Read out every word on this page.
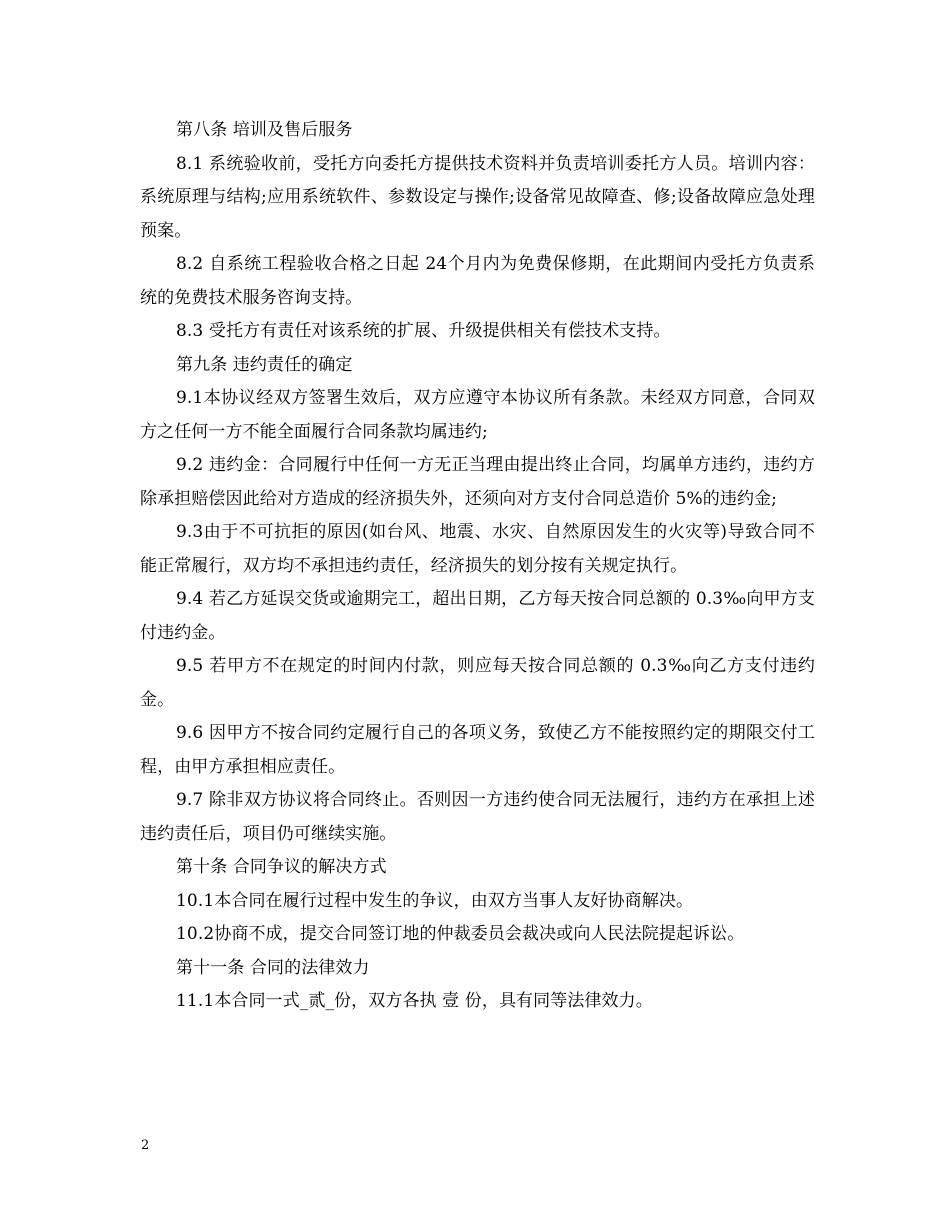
第八条 培训及售后服务

8.1 系统验收前，受托方向委托方提供技术资料并负责培训委托方人员。培训内容：系统原理与结构;应用系统软件、参数设定与操作;设备常见故障查、修;设备故障应急处理预案。

8.2 自系统工程验收合格之日起 24个月内为免费保修期，在此期间内受托方负责系统的免费技术服务咨询支持。

8.3 受托方有责任对该系统的扩展、升级提供相关有偿技术支持。

第九条 违约责任的确定

9.1本协议经双方签署生效后，双方应遵守本协议所有条款。未经双方同意，合同双方之任何一方不能全面履行合同条款均属违约;

9.2 违约金：合同履行中任何一方无正当理由提出终止合同，均属单方违约，违约方除承担赔偿因此给对方造成的经济损失外，还须向对方支付合同总造价 5%的违约金;

9.3由于不可抗拒的原因(如台风、地震、水灾、自然原因发生的火灾等)导致合同不能正常履行，双方均不承担违约责任，经济损失的划分按有关规定执行。

9.4 若乙方延误交货或逾期完工，超出日期，乙方每天按合同总额的 0.3‰向甲方支付违约金。

9.5 若甲方不在规定的时间内付款，则应每天按合同总额的 0.3‰向乙方支付违约金。

9.6 因甲方不按合同约定履行自己的各项义务，致使乙方不能按照约定的期限交付工程，由甲方承担相应责任。

9.7 除非双方协议将合同终止。否则因一方违约使合同无法履行，违约方在承担上述违约责任后，项目仍可继续实施。

第十条 合同争议的解决方式

10.1本合同在履行过程中发生的争议，由双方当事人友好协商解决。

10.2协商不成，提交合同签订地的仲裁委员会裁决或向人民法院提起诉讼。

第十一条 合同的法律效力

11.1本合同一式_贰_份，双方各执 壹 份，具有同等法律效力。

2
